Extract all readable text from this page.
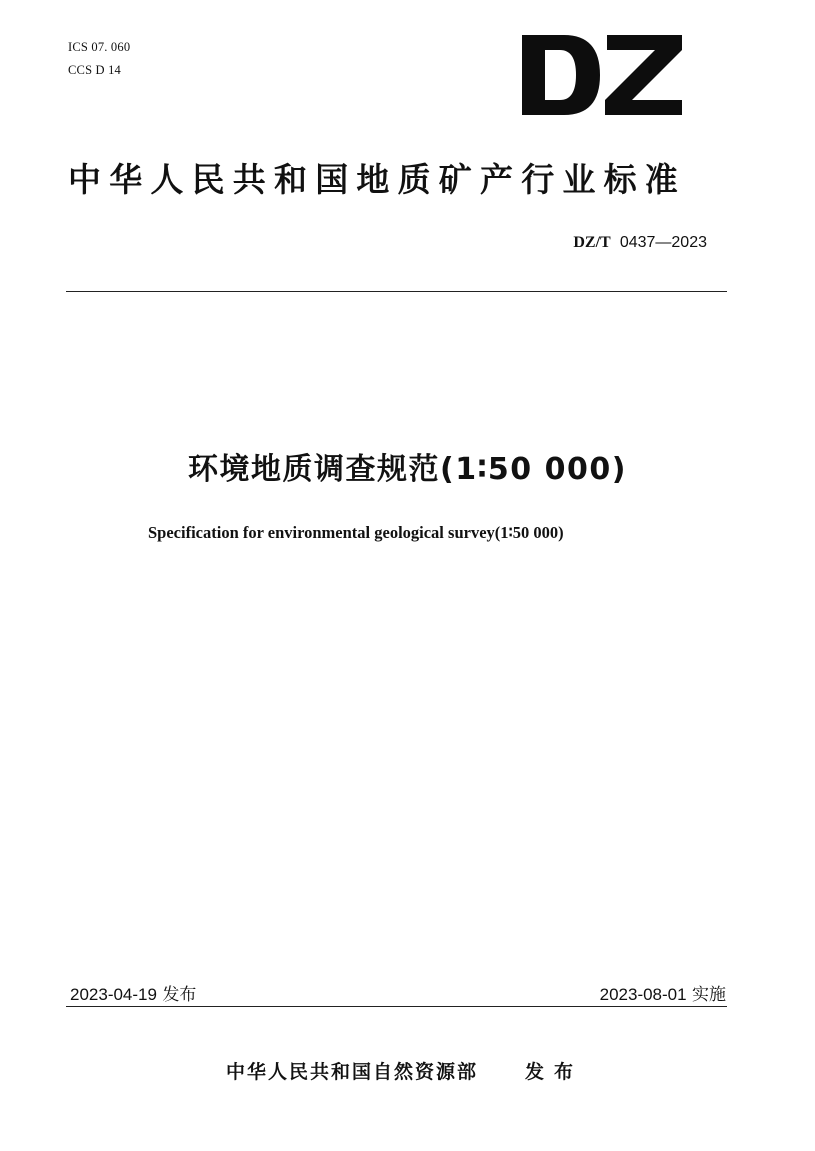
ICS 07. 060
CCS D 14
中华人民共和国地质矿产行业标准
DZ/T 0437—2023
环境地质调查规范(1∶50 000)
Specification for environmental geological survey(1∶50 000)
2023-04-19 发布	2023-08-01 实施
中华人民共和国自然资源部 发布
